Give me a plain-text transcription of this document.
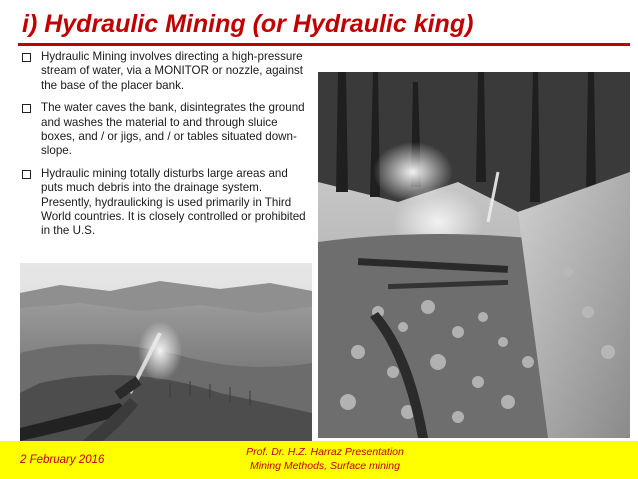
i) Hydraulic Mining (or Hydraulic king)
Hydraulic Mining involves directing a high-pressure stream of water, via a MONITOR or nozzle, against the base of the placer bank.
The water caves the bank, disintegrates the ground and washes the material to and through sluice boxes, and / or jigs, and / or tables situated down-slope.
Hydraulic mining totally disturbs large areas and puts much debris into the drainage system. Presently, hydraulicking is used primarily in Third World countries. It is closely controlled or prohibited in the U.S.
2 February 2016
Prof. Dr. H.Z. Harraz Presentation
Mining Methods, Surface mining
